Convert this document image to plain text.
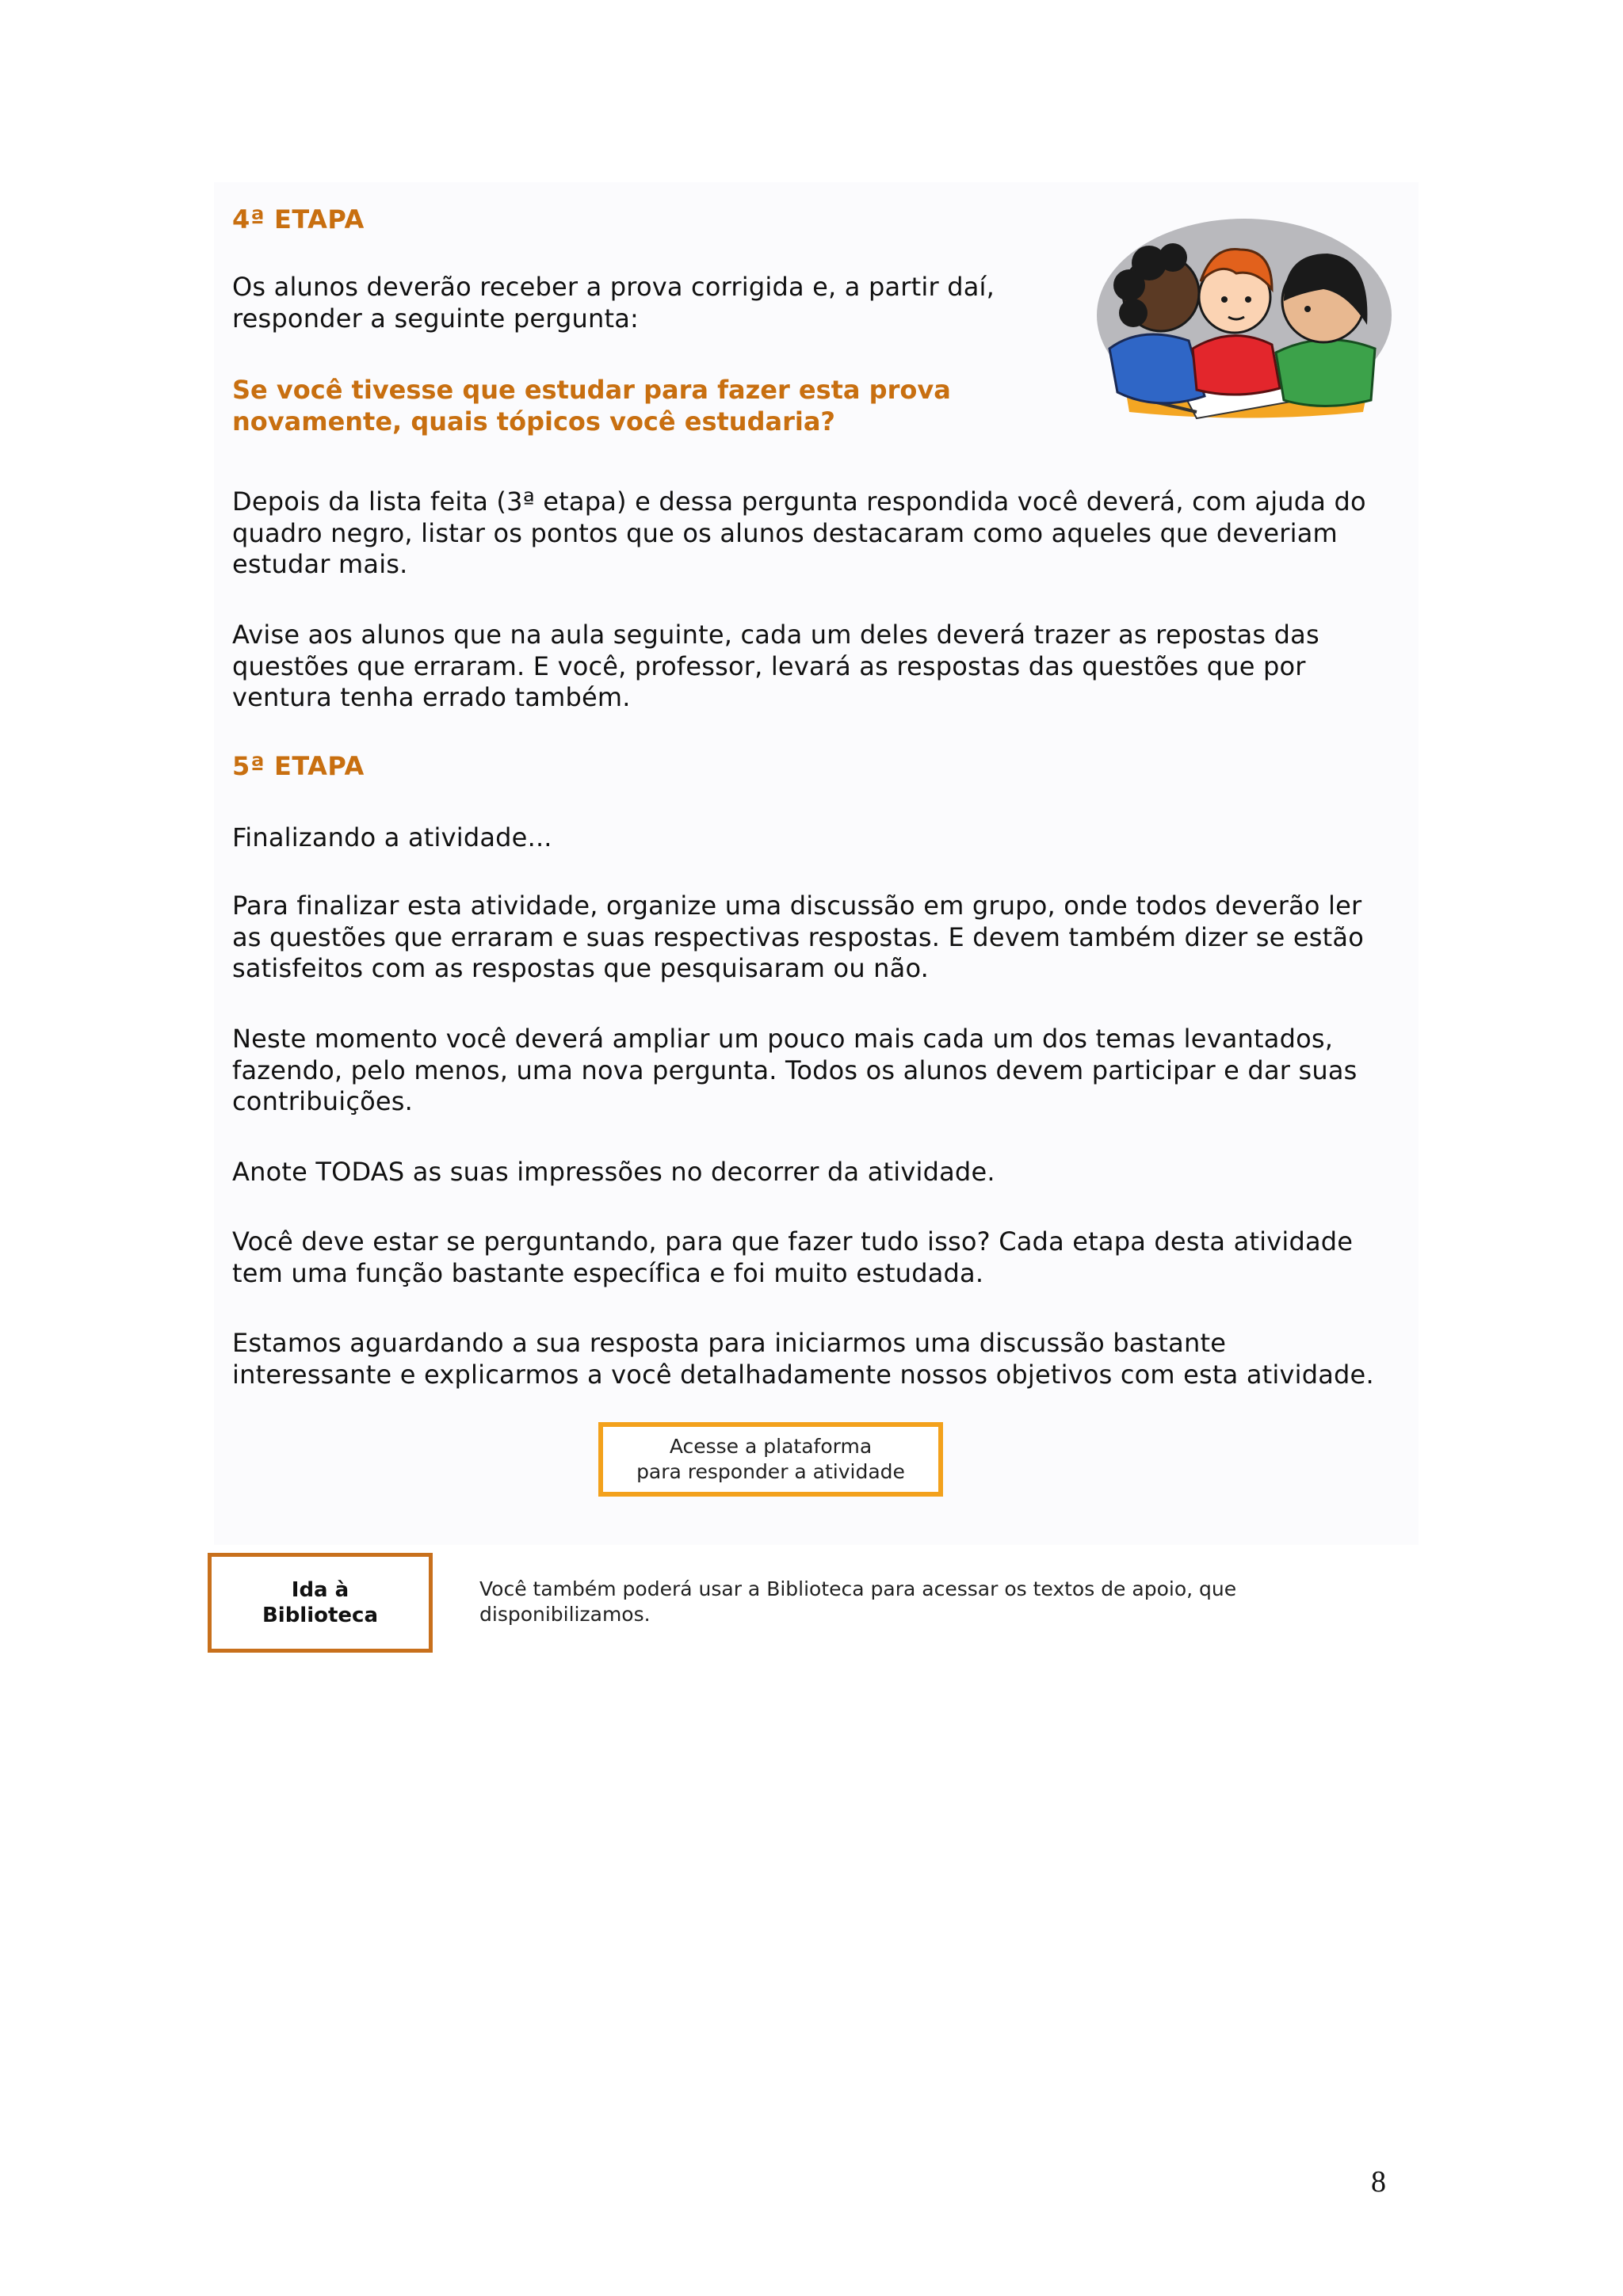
4ª ETAPA
Os alunos deverão receber a prova corrigida e, a partir daí,
responder a seguinte pergunta:
Se você tivesse que estudar para fazer esta prova
novamente, quais tópicos você estudaria?
Depois da lista feita (3ª etapa) e dessa pergunta respondida você deverá, com ajuda do
quadro negro, listar os pontos que os alunos destacaram como aqueles que deveriam
estudar mais.
Avise aos alunos que na aula seguinte, cada um deles deverá trazer as repostas das
questões que erraram. E você, professor, levará as respostas das questões que por
ventura tenha errado também.
5ª ETAPA
Finalizando a atividade...
Para finalizar esta atividade, organize uma discussão em grupo, onde todos deverão ler
as questões que erraram e suas respectivas respostas. E devem também dizer se estão
satisfeitos com as respostas que pesquisaram ou não.
Neste momento você deverá ampliar um pouco mais cada um dos temas levantados,
fazendo, pelo menos, uma nova pergunta. Todos os alunos devem participar e dar suas
contribuições.
Anote TODAS as suas impressões no decorrer da atividade.
Você deve estar se perguntando, para que fazer tudo isso? Cada etapa desta atividade
tem uma função bastante específica e foi muito estudada.
Estamos aguardando a sua resposta para iniciarmos uma discussão bastante
interessante e explicarmos a você detalhadamente nossos objetivos com esta atividade.
Acesse a plataforma
para responder a atividade
Ida à
Biblioteca
Você também poderá usar a Biblioteca para acessar os textos de apoio, que disponibilizamos.
8
